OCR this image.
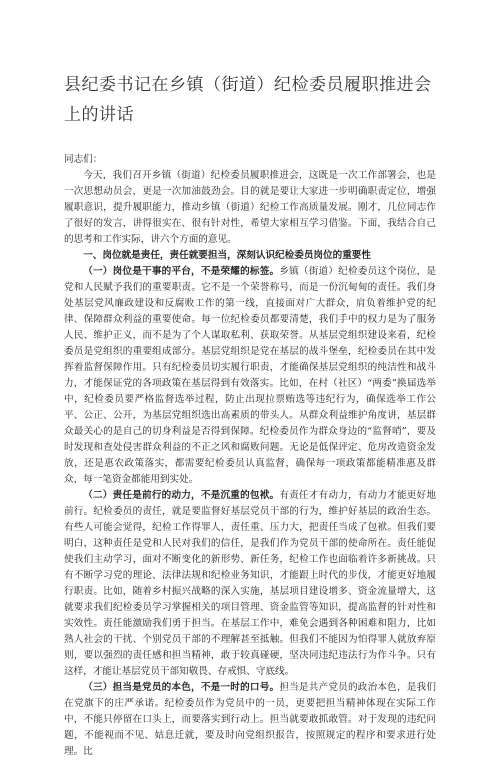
县纪委书记在乡镇（街道）纪检委员履职推进会上的讲话
同志们：

今天，我们召开乡镇（街道）纪检委员履职推进会，这既是一次工作部署会，也是一次思想动员会，更是一次加油鼓劲会。目的就是要让大家进一步明确职责定位，增强履职意识，提升履职能力，推动乡镇（街道）纪检工作高质量发展。刚才，几位同志作了很好的发言，讲得很实在、很有针对性，希望大家相互学习借鉴。下面，我结合自己的思考和工作实际，讲六个方面的意见。

一、岗位就是责任，责任就要担当，深刻认识纪检委员岗位的重要性

（一）岗位是干事的平台，不是荣耀的标签。乡镇（街道）纪检委员这个岗位，是党和人民赋予我们的重要职责。它不是一个荣誉称号，而是一份沉甸甸的责任。我们身处基层党风廉政建设和反腐败工作的第一线，直接面对广大群众，肩负着维护党的纪律、保障群众利益的重要使命。每一位纪检委员都要清楚，我们手中的权力是为了服务人民、维护正义，而不是为了个人谋取私利、获取荣誉。从基层党组织建设来看，纪检委员是党组织的重要组成部分。基层党组织是党在基层的战斗堡垒，纪检委员在其中发挥着监督保障作用。只有纪检委员切实履行职责，才能确保基层党组织的纯洁性和战斗力，才能保证党的各项政策在基层得到有效落实。比如，在村（社区）“两委”换届选举中，纪检委员要严格监督选举过程，防止出现拉票贿选等违纪行为，确保选举工作公平、公正、公开，为基层党组织选出高素质的带头人。从群众利益维护角度讲，基层群众最关心的是自己的切身利益是否得到保障。纪检委员作为群众身边的“监督哨”，要及时发现和查处侵害群众利益的不正之风和腐败问题。无论是低保评定、危房改造资金发放，还是惠农政策落实，都需要纪检委员认真监督，确保每一项政策都能精准惠及群众，每一笔资金都能用到实处。

（二）责任是前行的动力，不是沉重的包袱。有责任才有动力，有动力才能更好地前行。纪检委员的责任，就是要监督好基层党员干部的行为，维护好基层的政治生态。有些人可能会觉得，纪检工作得罪人，责任重、压力大，把责任当成了包袱。但我们要明白，这种责任是党和人民对我们的信任，是我们作为党员干部的使命所在。责任能促使我们主动学习，面对不断变化的新形势、新任务，纪检工作也面临着许多新挑战。只有不断学习党的理论、法律法规和纪检业务知识，才能跟上时代的步伐，才能更好地履行职责。比如，随着乡村振兴战略的深入实施，基层项目建设增多、资金流量增大，这就要求我们纪检委员学习掌握相关的项目管理、资金监管等知识，提高监督的针对性和实效性。责任能激励我们勇于担当。在基层工作中，难免会遇到各种困难和阻力，比如熟人社会的干扰、个别党员干部的不理解甚至抵触。但我们不能因为怕得罪人就放弃原则，要以强烈的责任感和担当精神，敢于较真碰硬，坚决同违纪违法行为作斗争。只有这样，才能让基层党员干部知敬畏、存戒惧、守底线。

（三）担当是党员的本色，不是一时的口号。担当是共产党员的政治本色，是我们在党旗下的庄严承诺。纪检委员作为党员中的一员，更要把担当精神体现在实际工作中，不能只停留在口头上，而要落实到行动上。担当就要敢抓敢管。对于发现的违纪问题，不能视而不见、姑息迁就，要及时向党组织报告，按照规定的程序和要求进行处理。比
